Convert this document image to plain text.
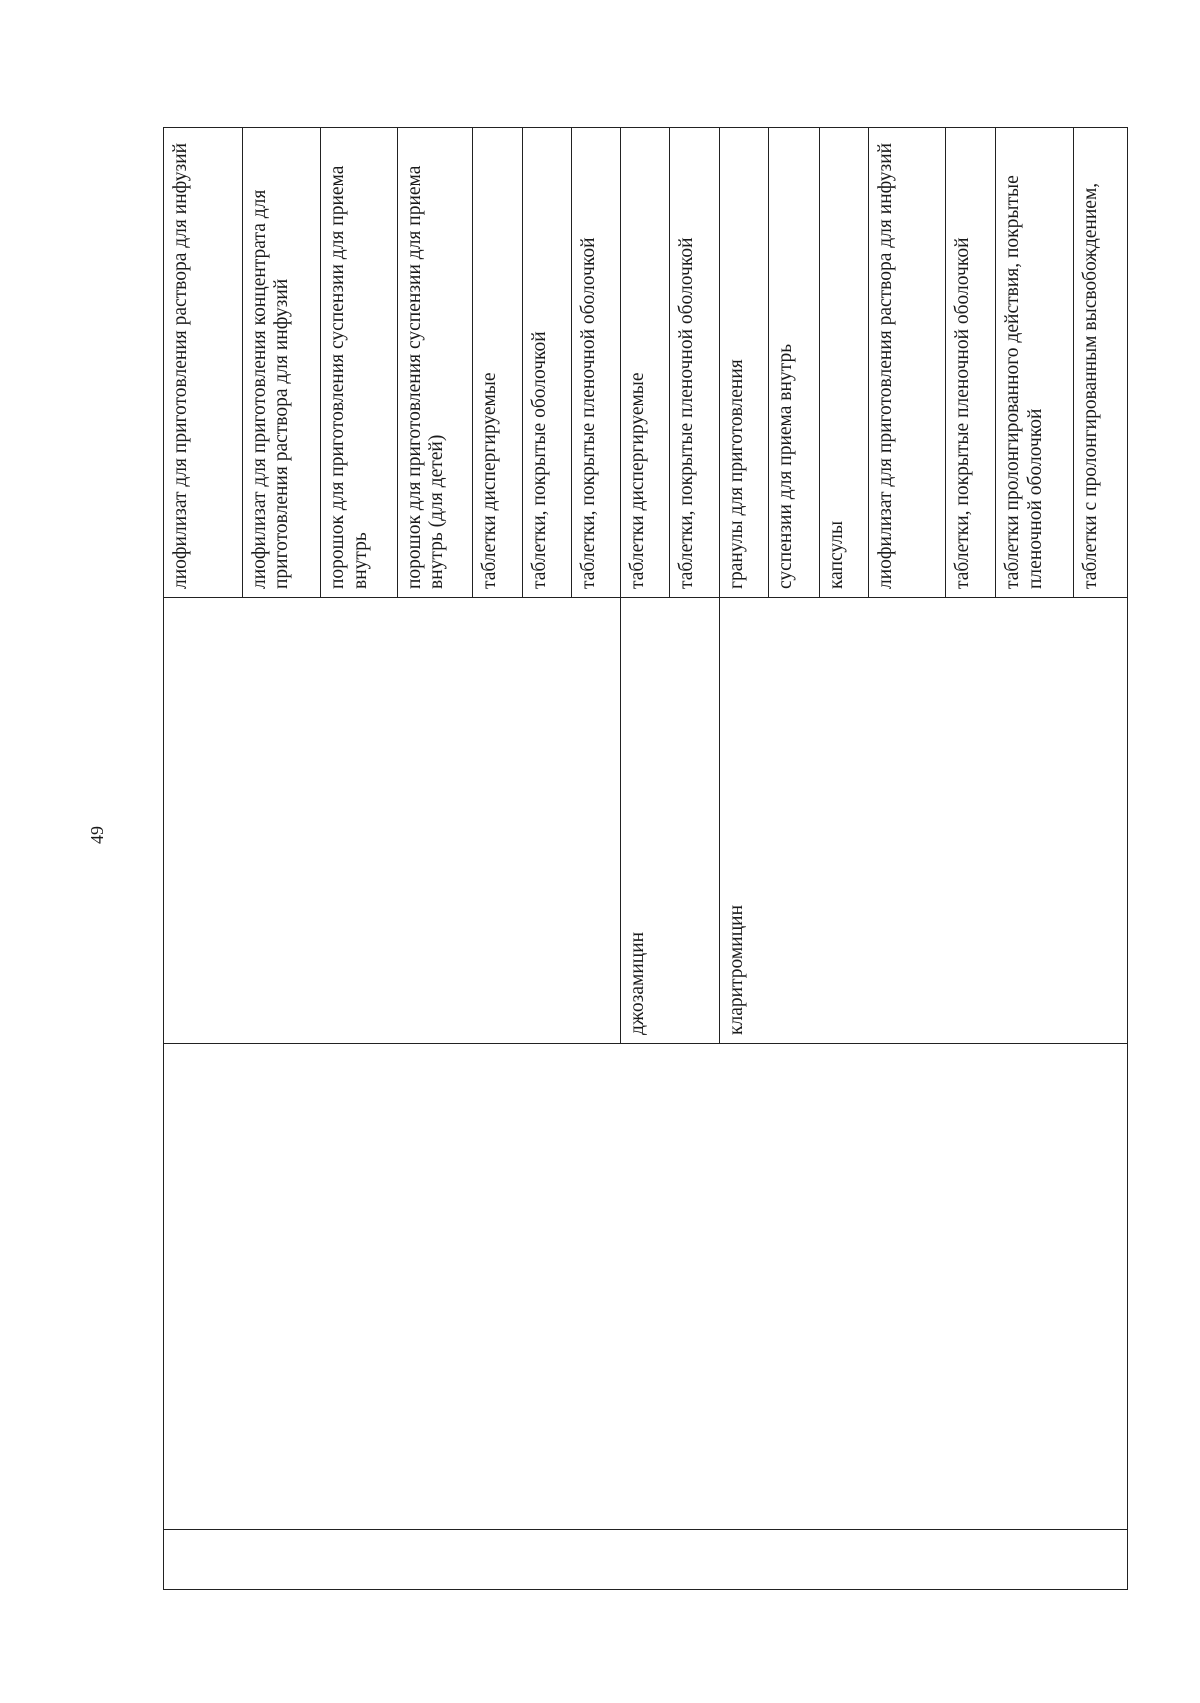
49
			лиофилизат для приготовления раствора для инфузий
			лиофилизат для приготовления концентрата для приготовления раствора для инфузий
			порошок для приготовления суспензии для приема внутрь
			порошок для приготовления суспензии для приема внутрь (для детей)
			таблетки диспергируемые
			таблетки, покрытые оболочкой
			таблетки, покрытые пленочной оболочкой
		джозамицин	таблетки диспергируемые
			таблетки, покрытые пленочной оболочкой
		кларитромицин	гранулы для приготовления
			суспензии для приема внутрь
			капсулы
			лиофилизат для приготовления раствора для инфузий
			таблетки, покрытые пленочной оболочкой
			таблетки пролонгированного действия, покрытые пленочной оболочкой
			таблетки с пролонгированным высвобождением,
